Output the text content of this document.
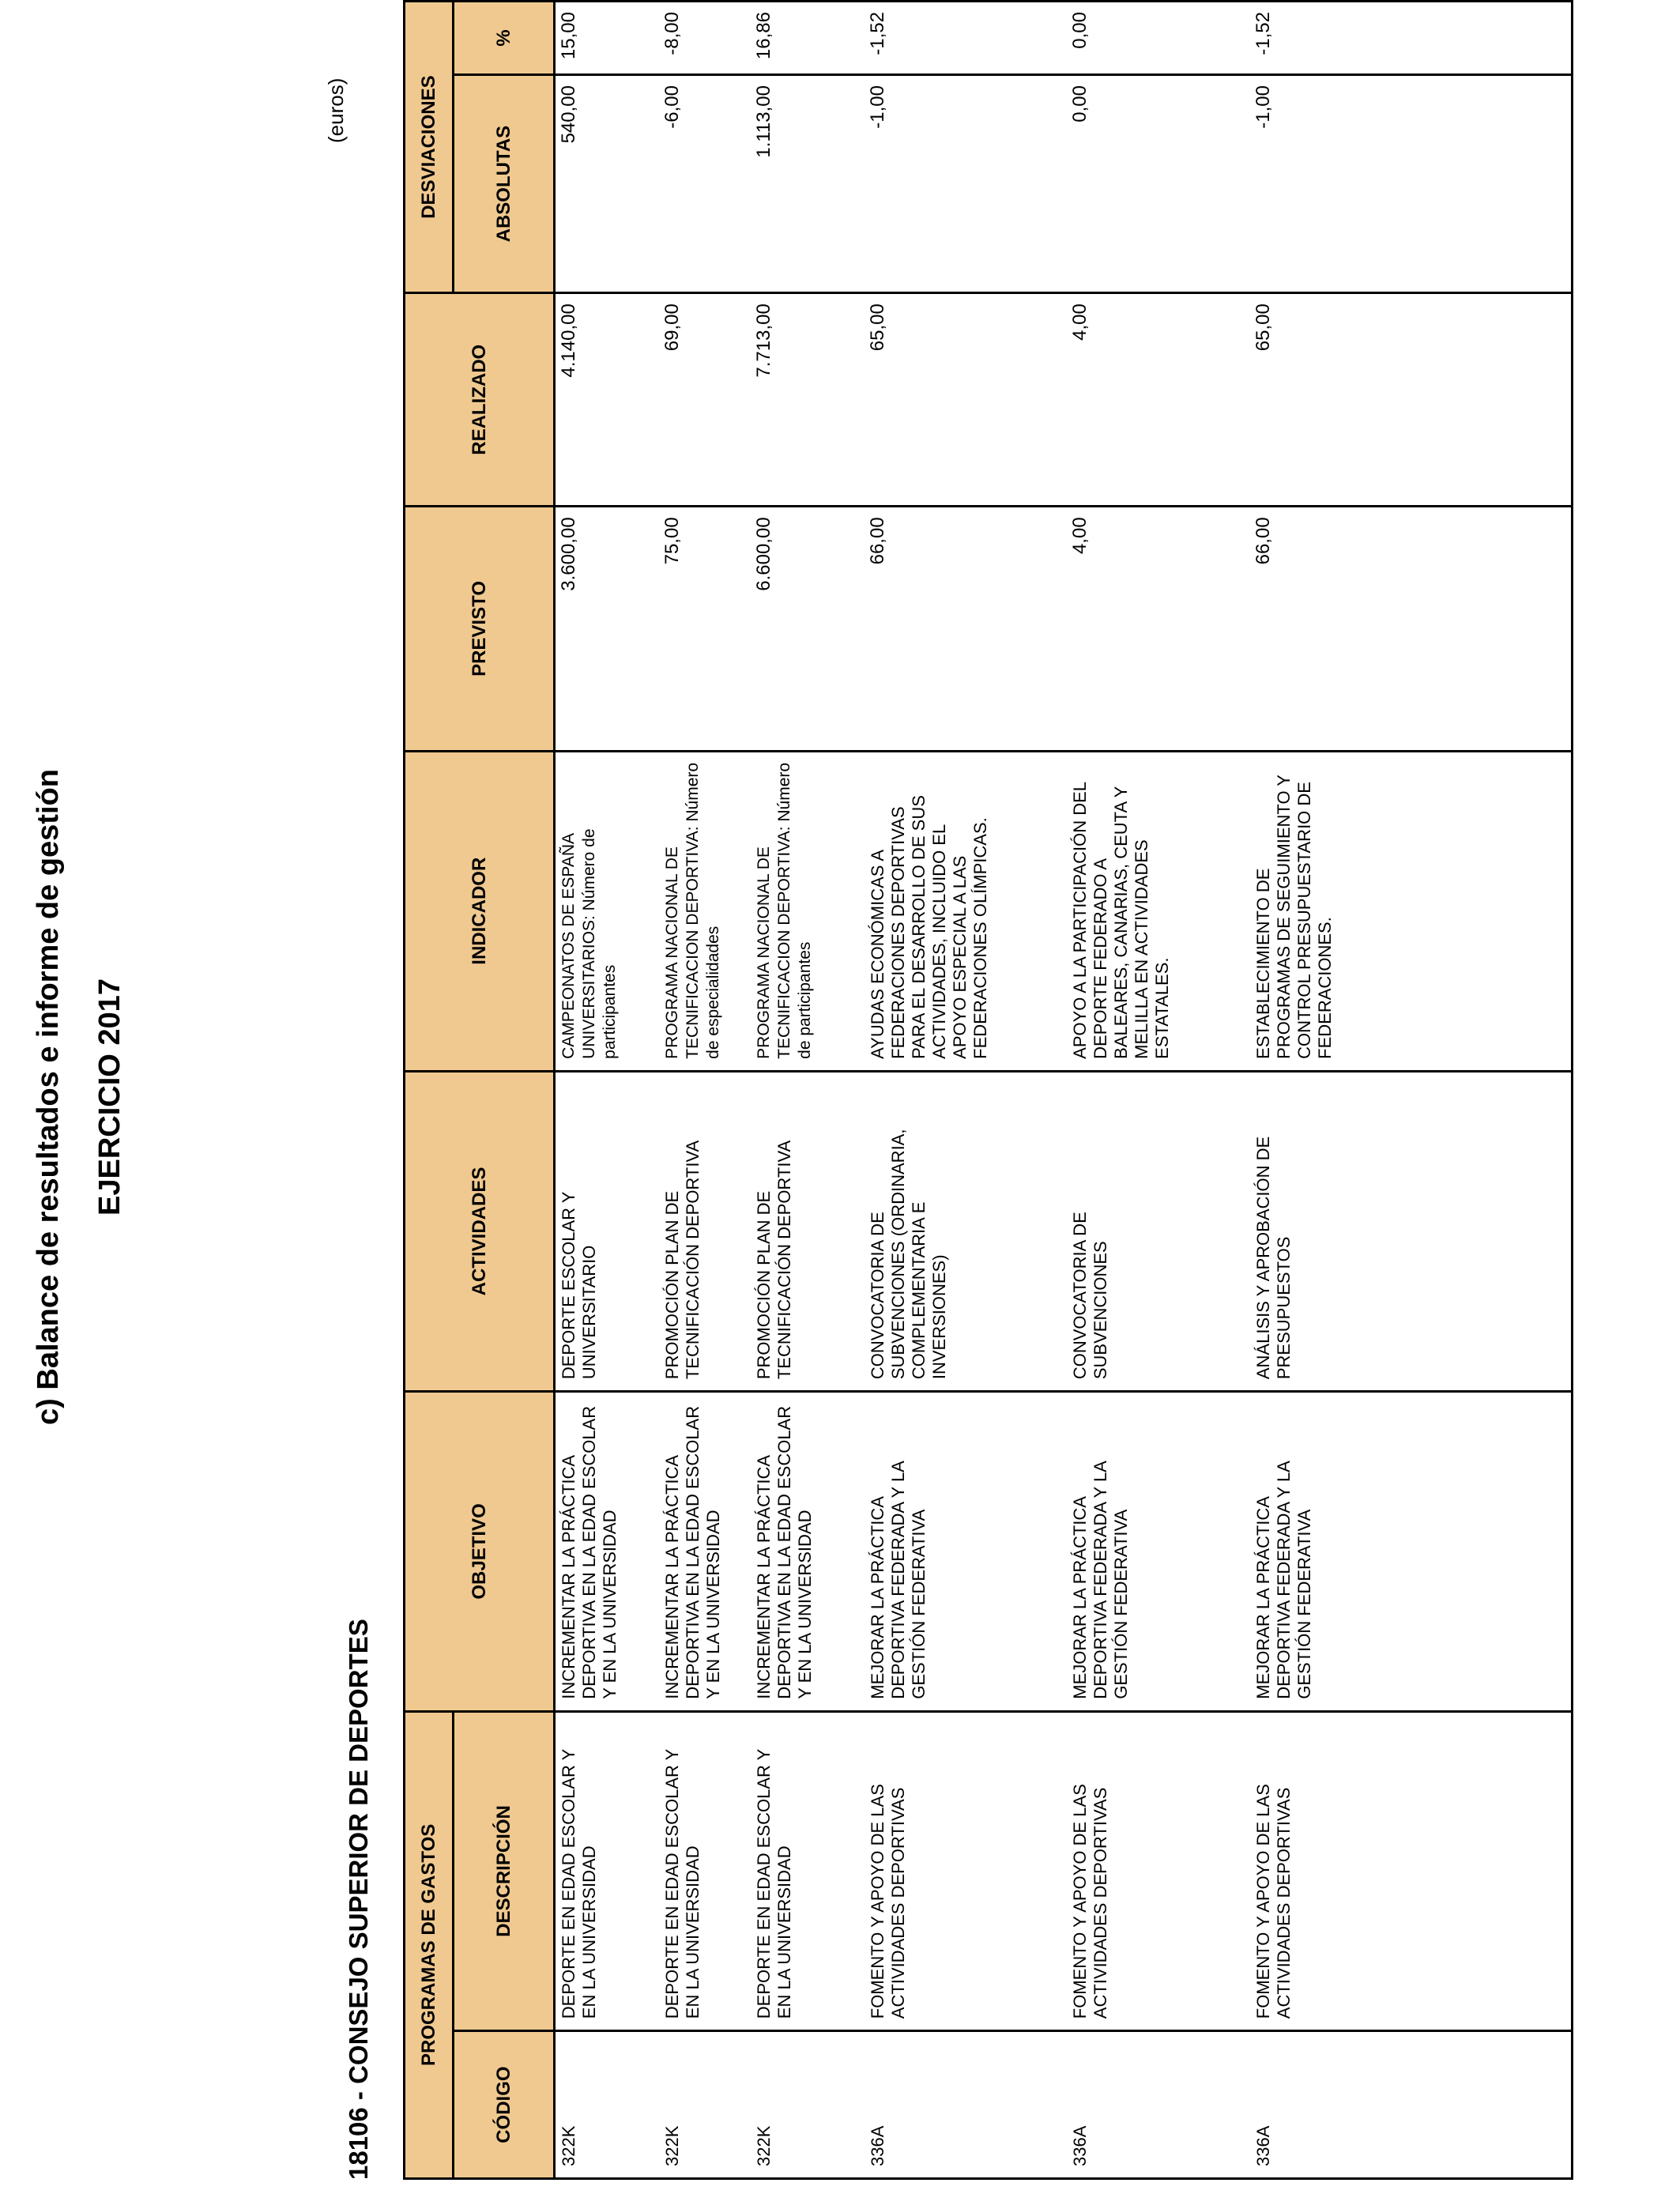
c) Balance de resultados e informe de gestión EJERCICIO 2017
18106 - CONSEJO SUPERIOR DE DEPORTES
(euros)
PROGRAMAS DE GASTOS		OBJETIVO	ACTIVIDADES	INDICADOR	PREVISTO	REALIZADO	DESVIACIONES	
CÓDIGO	DESCRIPCIÓN						ABSOLUTAS	%
322K	DEPORTE EN EDAD ESCOLAR Y EN LA UNIVERSIDAD	INCREMENTAR LA PRÁCTICA DEPORTIVA EN LA EDAD ESCOLAR Y EN LA UNIVERSIDAD	DEPORTE ESCOLAR Y UNIVERSITARIO	CAMPEONATOS DE ESPAÑA UNIVERSITARIOS: Número de participantes	3.600,00	4.140,00	540,00	15,00
322K	DEPORTE EN EDAD ESCOLAR Y EN LA UNIVERSIDAD	INCREMENTAR LA PRÁCTICA DEPORTIVA EN LA EDAD ESCOLAR Y EN LA UNIVERSIDAD	PROMOCIÓN PLAN DE TECNIFICACIÓN DEPORTIVA	PROGRAMA NACIONAL DE TECNIFICACION DEPORTIVA: Número de especialidades	75,00	69,00	-6,00	-8,00
322K	DEPORTE EN EDAD ESCOLAR Y EN LA UNIVERSIDAD	INCREMENTAR LA PRÁCTICA DEPORTIVA EN LA EDAD ESCOLAR Y EN LA UNIVERSIDAD	PROMOCIÓN PLAN DE TECNIFICACIÓN DEPORTIVA	PROGRAMA NACIONAL DE TECNIFICACION DEPORTIVA: Número de participantes	6.600,00	7.713,00	1.113,00	16,86
336A	FOMENTO Y APOYO DE LAS ACTIVIDADES DEPORTIVAS	MEJORAR LA PRÁCTICA DEPORTIVA FEDERADA Y LA GESTIÓN FEDERATIVA	CONVOCATORIA DE SUBVENCIONES (ORDINARIA, COMPLEMENTARIA E INVERSIONES)	AYUDAS ECONÓMICAS A FEDERACIONES DEPORTIVAS PARA EL DESARROLLO DE SUS ACTIVIDADES, INCLUIDO EL APOYO ESPECIAL A LAS FEDERACIONES OLÍMPICAS.	66,00	65,00	-1,00	-1,52
336A	FOMENTO Y APOYO DE LAS ACTIVIDADES DEPORTIVAS	MEJORAR LA PRÁCTICA DEPORTIVA FEDERADA Y LA GESTIÓN FEDERATIVA	CONVOCATORIA DE SUBVENCIONES	APOYO A LA PARTICIPACIÓN DEL DEPORTE FEDERADO A BALEARES, CANARIAS, CEUTA Y MELILLA EN ACTIVIDADES ESTATALES.	4,00	4,00	0,00	0,00
336A	FOMENTO Y APOYO DE LAS ACTIVIDADES DEPORTIVAS	MEJORAR LA PRÁCTICA DEPORTIVA FEDERADA Y LA GESTIÓN FEDERATIVA	ANÁLISIS Y APROBACIÓN DE PRESUPUESTOS	ESTABLECIMIENTO DE PROGRAMAS DE SEGUIMIENTO Y CONTROL PRESUPUESTARIO DE FEDERACIONES.	66,00	65,00	-1,00	-1,52
